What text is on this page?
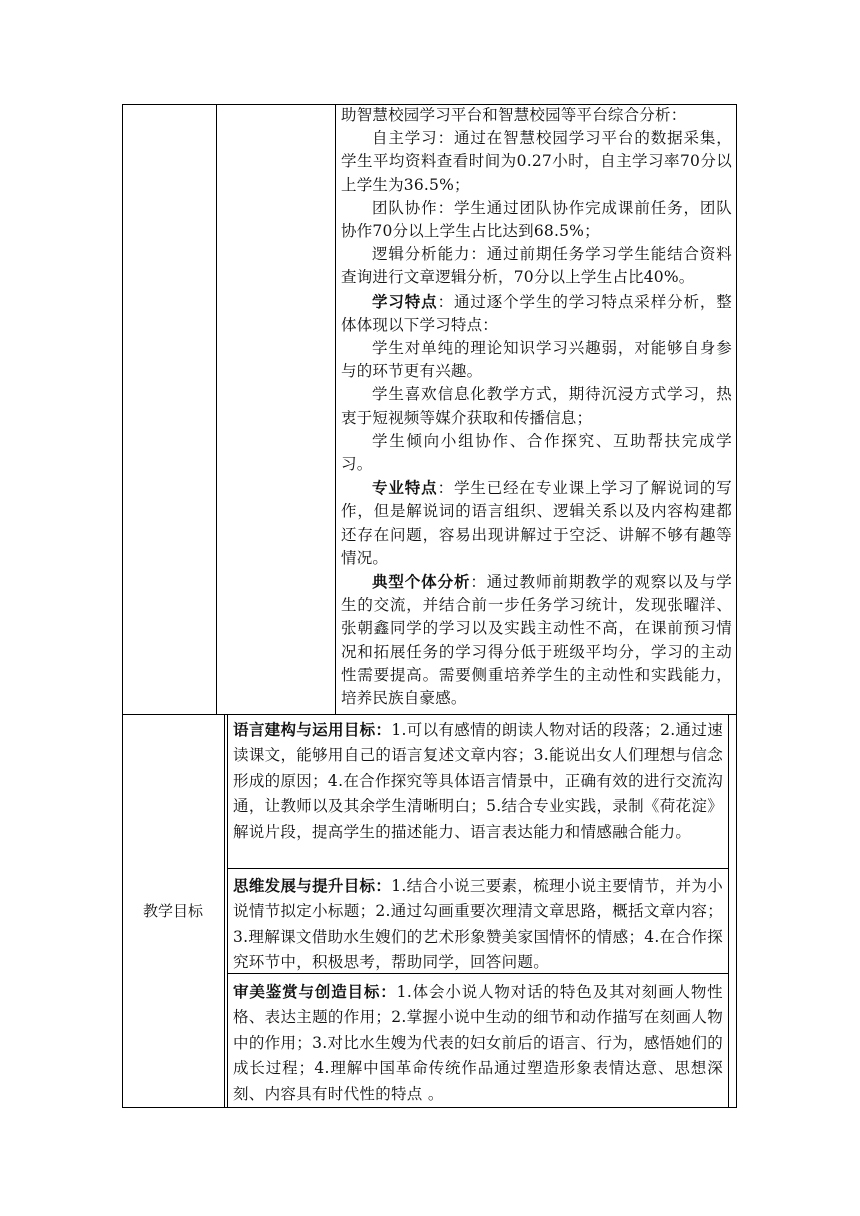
助智慧校园学习平台和智慧校园等平台综合分析：

自主学习：通过在智慧校园学习平台的数据采集，学生平均资料查看时间为0.27小时，自主学习率70分以上学生为36.5%；

团队协作：学生通过团队协作完成课前任务，团队协作70分以上学生占比达到68.5%；

逻辑分析能力：通过前期任务学习学生能结合资料查询进行文章逻辑分析，70分以上学生占比40%。

学习特点：通过逐个学生的学习特点采样分析，整体体现以下学习特点：

学生对单纯的理论知识学习兴趣弱，对能够自身参与的环节更有兴趣。

学生喜欢信息化教学方式，期待沉浸方式学习，热衷于短视频等媒介获取和传播信息；

学生倾向小组协作、合作探究、互助帮扶完成学习。

专业特点：学生已经在专业课上学习了解说词的写作，但是解说词的语言组织、逻辑关系以及内容构建都还存在问题，容易出现讲解过于空泛、讲解不够有趣等情况。

典型个体分析：通过教师前期教学的观察以及与学生的交流，并结合前一步任务学习统计，发现张曜洋、张朝鑫同学的学习以及实践主动性不高，在课前预习情况和拓展任务的学习得分低于班级平均分，学习的主动性需要提高。需要侧重培养学生的主动性和实践能力，培养民族自豪感。

教学目标
语言建构与运用目标：1.可以有感情的朗读人物对话的段落；2.通过速读课文，能够用自己的语言复述文章内容；3.能说出女人们理想与信念形成的原因；4.在合作探究等具体语言情景中，正确有效的进行交流沟通，让教师以及其余学生清晰明白；5.结合专业实践，录制《荷花淀》解说片段，提高学生的描述能力、语言表达能力和情感融合能力。
思维发展与提升目标：1.结合小说三要素，梳理小说主要情节，并为小说情节拟定小标题；2.通过勾画重要次理清文章思路，概括文章内容；3.理解课文借助水生嫂们的艺术形象赞美家国情怀的情感；4.在合作探究环节中，积极思考，帮助同学，回答问题。
审美鉴赏与创造目标：1.体会小说人物对话的特色及其对刻画人物性格、表达主题的作用；2.掌握小说中生动的细节和动作描写在刻画人物中的作用；3.对比水生嫂为代表的妇女前后的语言、行为，感悟她们的成长过程；4.理解中国革命传统作品通过塑造形象表情达意、思想深刻、内容具有时代性的特点 。
